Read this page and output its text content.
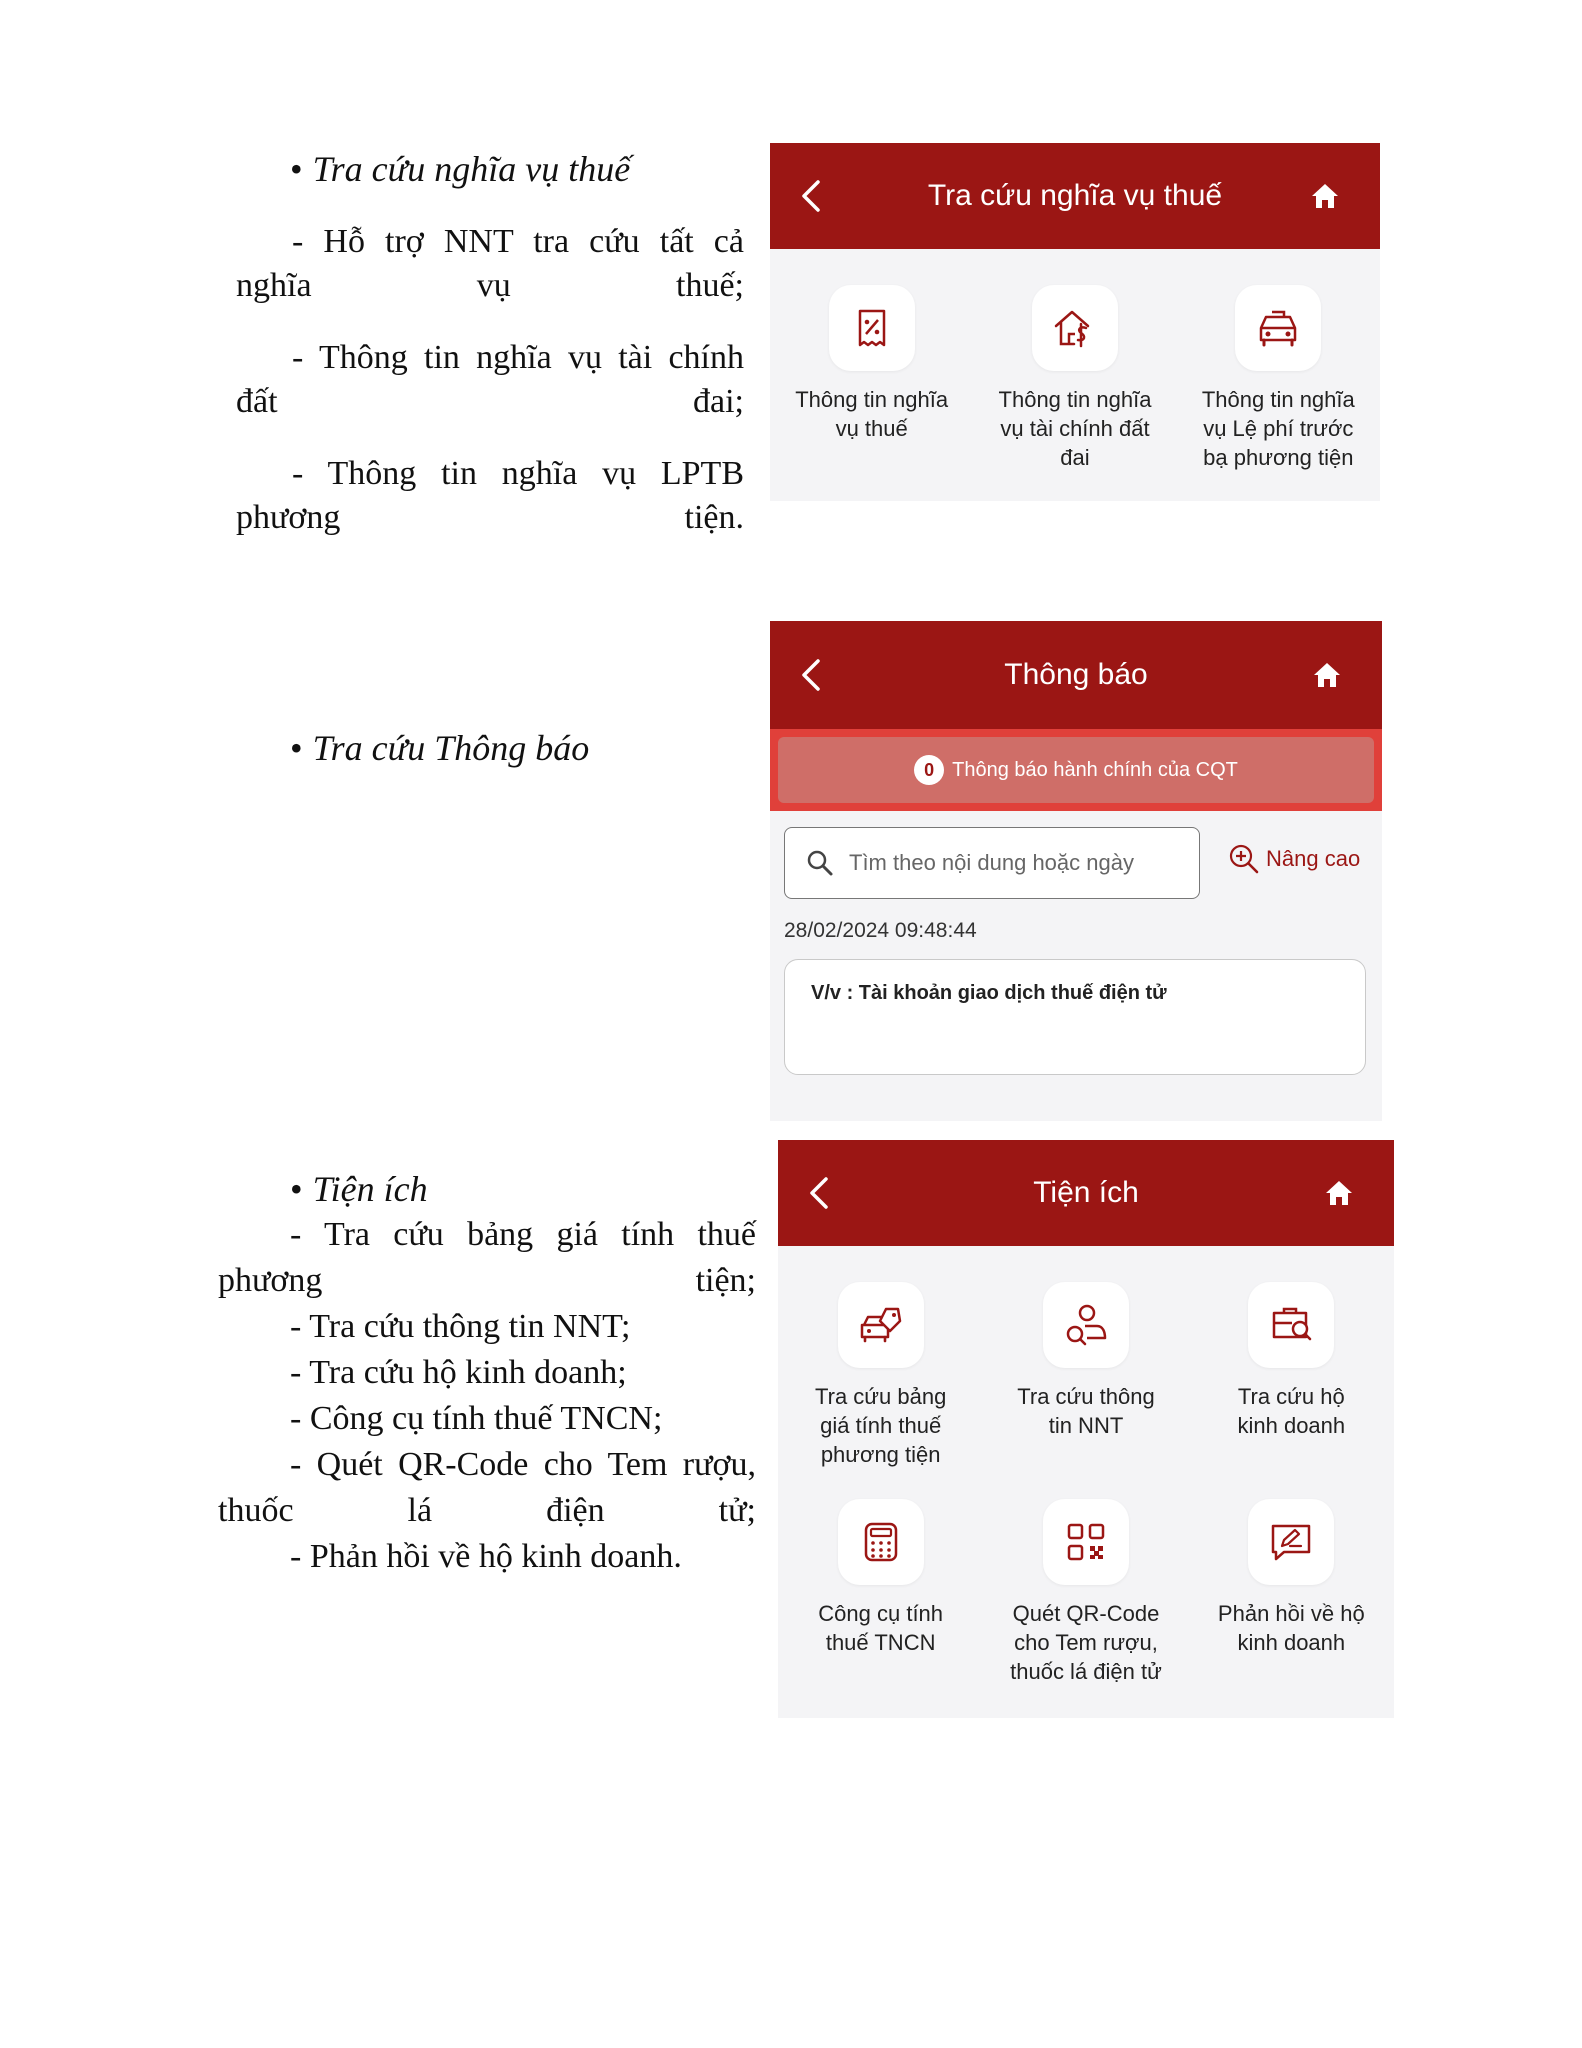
• Tra cứu nghĩa vụ thuế

- Hỗ trợ NNT tra cứu tất cả nghĩa vụ thuế;

- Thông tin nghĩa vụ tài chính đất đai;

- Thông tin nghĩa vụ LPTB phương tiện.

Tra cứu nghĩa vụ thuế
Thông tin nghĩa vụ thuế
Thông tin nghĩa vụ tài chính đất đai
Thông tin nghĩa vụ Lệ phí trước bạ phương tiện
• Tra cứu Thông báo
Thông báo
0 Thông báo hành chính của CQT
Tìm theo nội dung hoặc ngày	Nâng cao
28/02/2024 09:48:44
V/v : Tài khoản giao dịch thuế điện tử
• Tiện ích

- Tra cứu bảng giá tính thuế phương tiện;

- Tra cứu thông tin NNT;

- Tra cứu hộ kinh doanh;

- Công cụ tính thuế TNCN;

- Quét QR-Code cho Tem rượu, thuốc lá điện tử;

- Phản hồi về hộ kinh doanh.

Tiện ích
Tra cứu bảng giá tính thuế phương tiện
Tra cứu thông tin NNT
Tra cứu hộ kinh doanh
Công cụ tính thuế TNCN
Quét QR-Code cho Tem rượu, thuốc lá điện tử
Phản hồi về hộ kinh doanh
